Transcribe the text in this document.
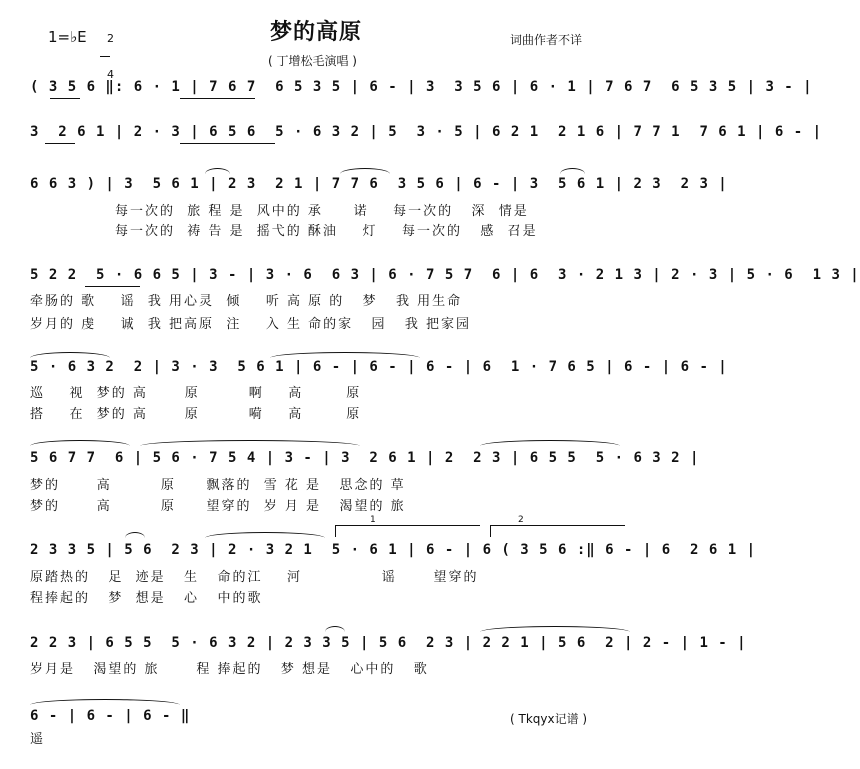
1=♭E	2

4

梦的高原	词曲作者不详
( 丁增松毛演唱 )
( 3 5 6 ‖: 6 · 1 | 7 6 7  6 5 3 5 | 6 - | 3  3 5 6 | 6 · 1 | 7 6 7  6 5 3 5 | 3 - |
3  2 6 1 | 2 · 3 | 6 5 6  5 · 6 3 2 | 5  3 · 5 | 6 2 1  2 1 6 | 7 7 1  7 6 1 | 6 - |
6 6 3 ) | 3  5 6 1 | 2 3  2 1 | 7 7 6  3 5 6 | 6 - | 3  5 6 1 | 2 3  2 3 |
每一次的  旅 程 是  风中的 承     诺    每一次的   深  情是
每一次的  祷 告 是  摇弋的 酥油    灯    每一次的   感  召是
5 2 2  5 · 6 6 5 | 3 - | 3 · 6  6 3 | 6 · 7 5 7  6 | 6  3 · 2 1 3 | 2 · 3 | 5 · 6  1 3 |
牵肠的 歌    谣  我 用心灵  倾    听 高 原 的   梦   我 用生命
岁月的 虔    诚  我 把高原  注    入 生 命的家   园   我 把家园
5 · 6 3 2  2 | 3 · 3  5 6 1 | 6 - | 6 - | 6 - | 6  1 · 7 6 5 | 6 - | 6 - |
巡    视  梦的 高      原        啊    高       原
搭    在  梦的 高      原        嗬    高       原
5 6 7 7  6 | 5 6 · 7 5 4 | 3 - | 3  2 6 1 | 2  2 3 | 6 5 5  5 · 6 3 2 |
梦的      高        原     飘落的  雪 花 是   思念的 草
梦的      高        原     望穿的  岁 月 是   渴望的 旅
1	2
2 3 3 5 | 5 6  2 3 | 2 · 3 2 1  5 · 6 1 | 6 - | 6 ( 3 5 6 :‖ 6 - | 6  2 6 1 |
原踏热的   足  迹是   生   命的江    河             谣      望穿的
程捧起的   梦  想是   心   中的歌
2 2 3 | 6 5 5  5 · 6 3 2 | 2 3 3 5 | 5 6  2 3 | 2 2 1 | 5 6  2 | 2 - | 1 - |
岁月是   渴望的 旅      程 捧起的   梦 想是   心中的   歌
6 - | 6 - | 6 - ‖
遥
( Tkqyx记谱 )
